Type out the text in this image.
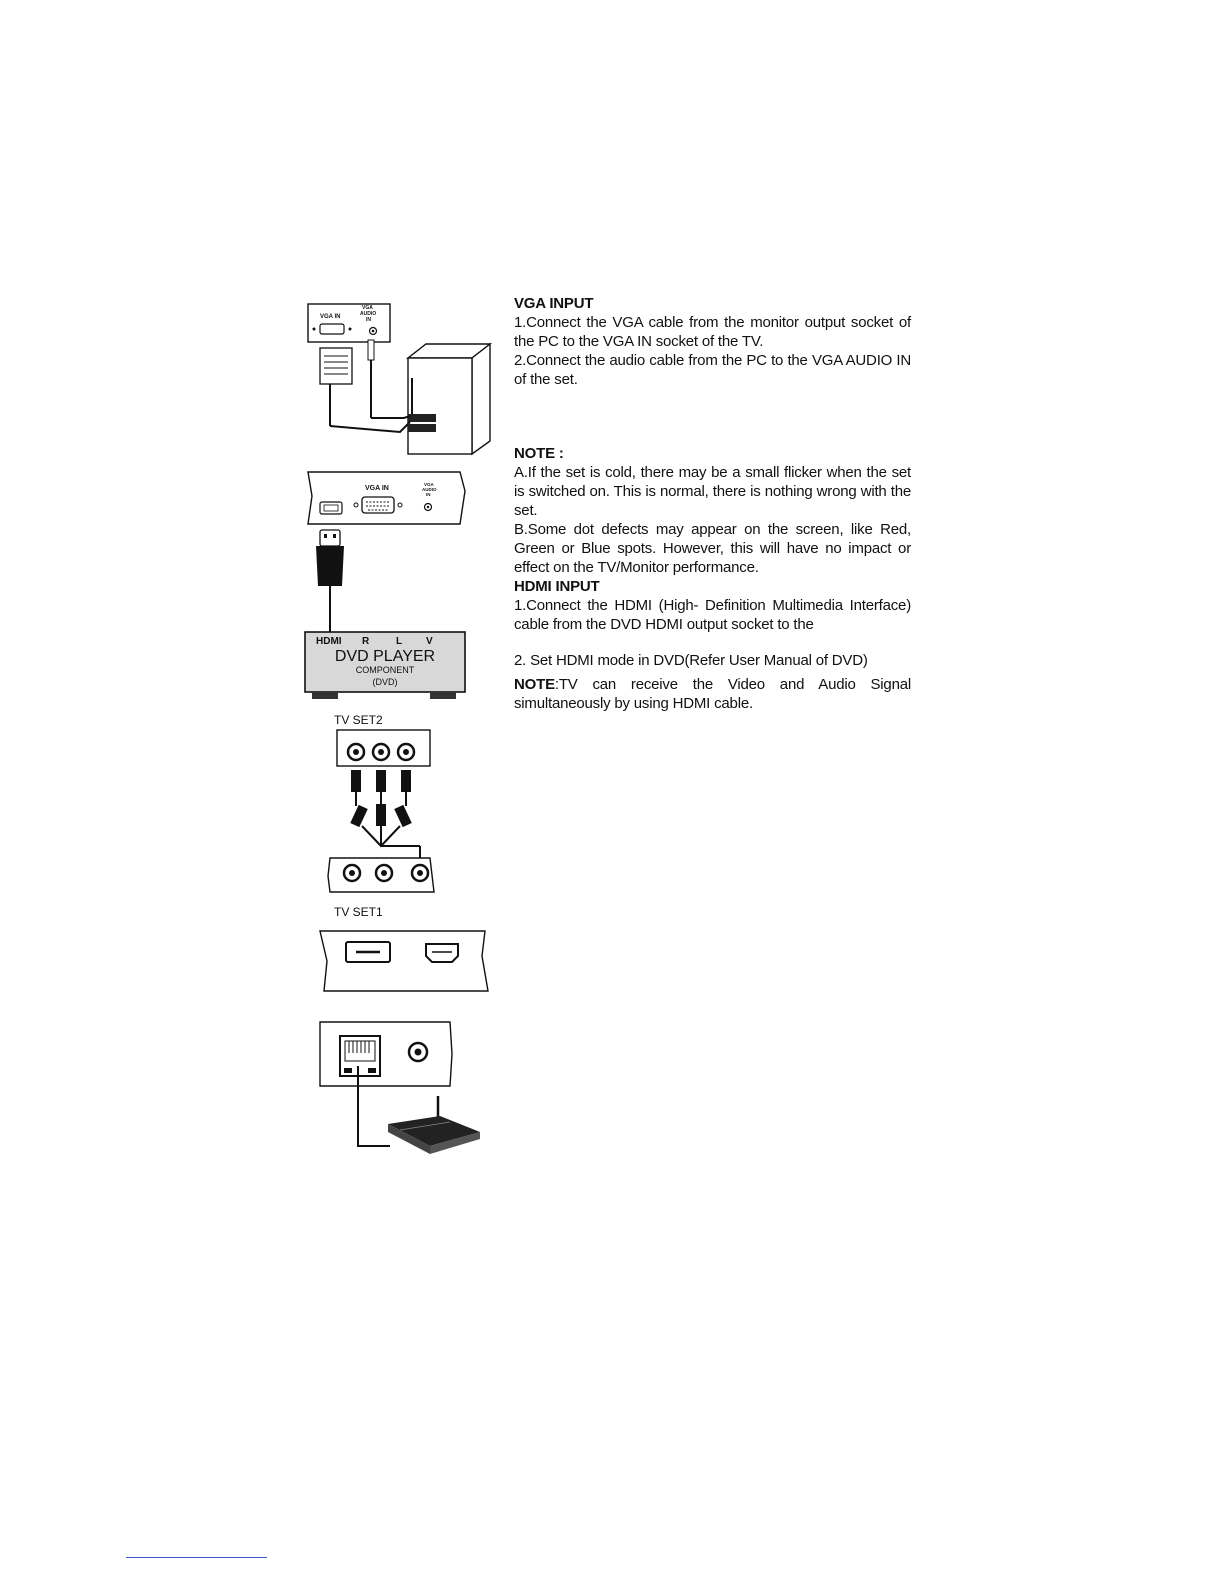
VGA IN
VGA
AUDIO
IN
VGA IN
VGA
AUDIO
IN
HDMI R	L V
DVD PLAYER
COMPONENT
(DVD)
TV SET2
TV SET1

VGA INPUT

1.Connect the VGA cable from the monitor output socket of the PC to the VGA IN socket of the TV.

2.Connect the audio cable from the PC to the VGA AUDIO IN of the set.

NOTE :

A.If the set is cold, there may be a small flicker when the set is switched on. This is normal, there is nothing wrong with the set.

B.Some dot defects may appear on the screen, like Red, Green or Blue spots. However, this will have no impact or effect on the TV/Monitor performance.

HDMI INPUT

1.Connect the HDMI (High- Definition Multimedia Interface) cable from the DVD HDMI output socket to the

2. Set HDMI mode in DVD(Refer User Manual of DVD)

NOTE:TV can receive the Video and Audio Signal simultaneously by using HDMI cable.
